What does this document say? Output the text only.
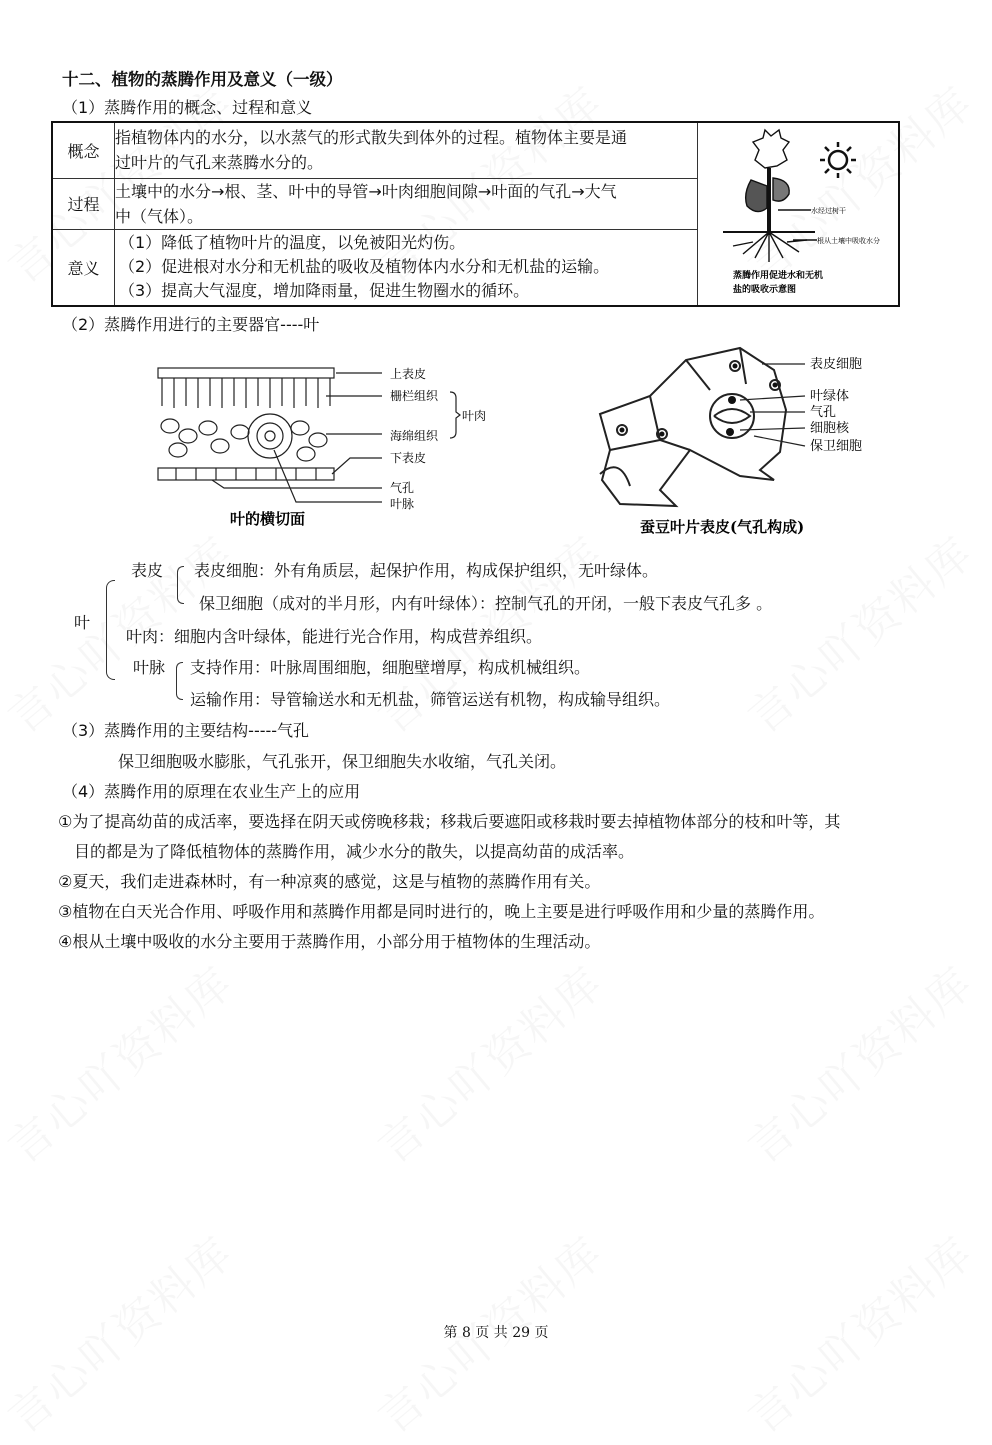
十二、植物的蒸腾作用及意义（一级）
（1）蒸腾作用的概念、过程和意义
概念	
指植物体内的水分，以水蒸气的形式散失到体外的过程。植物体主要是通
过叶片的气孔来蒸腾水分的。

水经过树干
根从土壤中吸收水分
蒸腾作用促进水和无机
盐的吸收示意图

过程	土壤中的水分→根、茎、叶中的导管→叶肉细胞间隙→叶面的气孔→大气
中（气体）。	

意义	（1）降低了植物叶片的温度，以免被阳光灼伤。
（2）促进根对水分和无机盐的吸收及植物体内水分和无机盐的运输。
（3）提高大气湿度，增加降雨量，促进生物圈水的循环。	
（2）蒸腾作用进行的主要器官----叶
上表皮
栅栏组织
海绵组织
叶肉
下表皮
气孔
叶脉
叶的横切面
表皮细胞
叶绿体
气孔
细胞核
保卫细胞
蚕豆叶片表皮(气孔构成)
叶
表皮 表皮细胞：外有角质层，起保护作用，构成保护组织，无叶绿体。
保卫细胞（成对的半月形，内有叶绿体）：控制气孔的开闭，一般下表皮气孔多 。
叶肉：细胞内含叶绿体，能进行光合作用，构成营养组织。
叶脉 支持作用：叶脉周围细胞，细胞壁增厚，构成机械组织。
运输作用：导管输送水和无机盐，筛管运送有机物，构成输导组织。
（3）蒸腾作用的主要结构-----气孔
保卫细胞吸水膨胀，气孔张开，保卫细胞失水收缩，气孔关闭。
（4）蒸腾作用的原理在农业生产上的应用
①为了提高幼苗的成活率，要选择在阴天或傍晚移栽；移栽后要遮阳或移栽时要去掉植物体部分的枝和叶等，其
目的都是为了降低植物体的蒸腾作用，减少水分的散失，以提高幼苗的成活率。
②夏天，我们走进森林时，有一种凉爽的感觉，这是与植物的蒸腾作用有关。
③植物在白天光合作用、呼吸作用和蒸腾作用都是同时进行的，晚上主要是进行呼吸作用和少量的蒸腾作用。
④根从土壤中吸收的水分主要用于蒸腾作用，小部分用于植物体的生理活动。
第 8 页 共 29 页
